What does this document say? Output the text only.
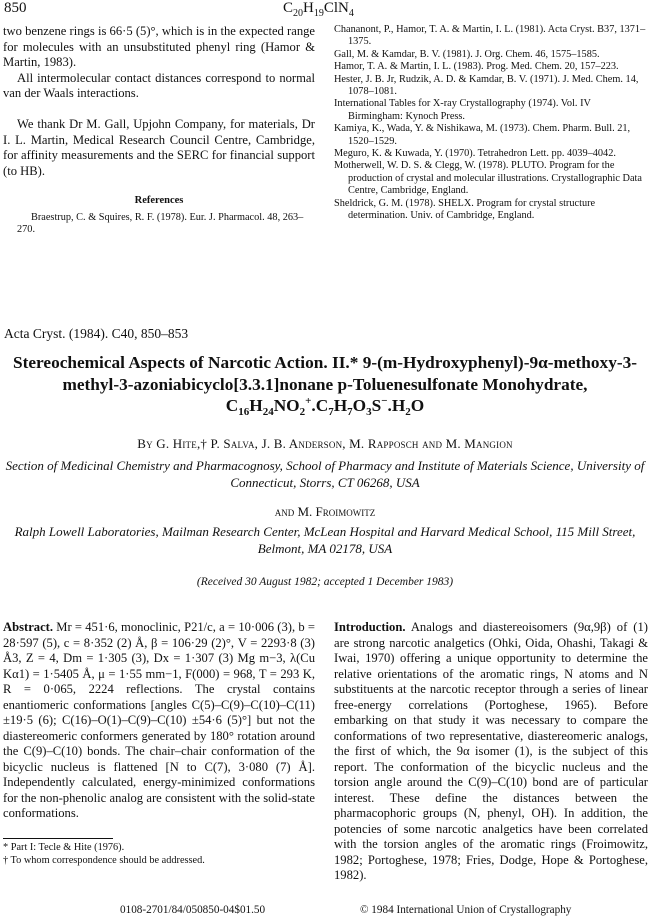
850	$C_{20}H_{19}ClN_4$

two benzene rings is 66·5 (5)°, which is in the expected range for molecules with an unsubstituted phenyl ring (Hamor & Martin, 1983).

All intermolecular contact distances correspond to normal van der Waals interactions.

We thank Dr M. Gall, Upjohn Company, for materials, Dr I. L. Martin, Medical Research Council Centre, Cambridge, for affinity measurements and the SERC for financial support (to HB).

References

Braestrup, C. & Squires, R. F. (1978). Eur. J. Pharmacol. 48, 263–270.

Chananont, P., Hamor, T. A. & Martin, I. L. (1981). Acta Cryst. B37, 1371–1375.

Gall, M. & Kamdar, B. V. (1981). J. Org. Chem. 46, 1575–1585.

Hamor, T. A. & Martin, I. L. (1983). Prog. Med. Chem. 20, 157–223.

Hester, J. B. Jr, Rudzik, A. D. & Kamdar, B. V. (1971). J. Med. Chem. 14, 1078–1081.

International Tables for X-ray Crystallography (1974). Vol. IV Birmingham: Kynoch Press.

Kamiya, K., Wada, Y. & Nishikawa, M. (1973). Chem. Pharm. Bull. 21, 1520–1529.

Meguro, K. & Kuwada, Y. (1970). Tetrahedron Lett. pp. 4039–4042.

Motherwell, W. D. S. & Clegg, W. (1978). PLUTO. Program for the production of crystal and molecular illustrations. Crystallographic Data Centre, Cambridge, England.

Sheldrick, G. M. (1978). SHELX. Program for crystal structure determination. Univ. of Cambridge, England.

Acta Cryst. (1984). C40, 850–853
Stereochemical Aspects of Narcotic Action. II.* 9-(m-Hydroxyphenyl)-9α-methoxy-3-methyl-3-azoniabicyclo[3.3.1]nonane p-Toluenesulfonate Monohydrate,
$C_{16}H_{24}NO_2^+.C_7H_7O_3S^-.H_2O$
By G. Hite,† P. Salva, J. B. Anderson, M. Rapposch and M. Mangion
Section of Medicinal Chemistry and Pharmacognosy, School of Pharmacy and Institute of Materials Science, University of Connecticut, Storrs, CT 06268, USA
and M. Froimowitz
Ralph Lowell Laboratories, Mailman Research Center, McLean Hospital and Harvard Medical School, 115 Mill Street, Belmont, MA 02178, USA
(Received 30 August 1982; accepted 1 December 1983)
Abstract. Mr = 451·6, monoclinic, P21/c, a = 10·006 (3), b = 28·597 (5), c = 8·352 (2) Å, β = 106·29 (2)°, V = 2293·8 (3) Å3, Z = 4, Dm = 1·305 (3), Dx = 1·307 (3) Mg m−3, λ(Cu Kα1) = 1·5405 Å, μ = 1·55 mm−1, F(000) = 968, T = 293 K, R = 0·065, 2224 reflections. The crystal contains enantiomeric conformations [angles C(5)–C(9)–C(10)–C(11) ±19·5 (6); C(16)–O(1)–C(9)–C(10) ±54·6 (5)°] but not the diastereomeric conformers generated by 180° rotation around the C(9)–C(10) bonds. The chair–chair conformation of the bicyclic nucleus is flattened [N to C(7), 3·080 (7) Å]. Independently calculated, energy-minimized conformations for the non-phenolic analog are consistent with the solid-state conformations.
Introduction. Analogs and diastereoisomers (9α,9β) of (1) are strong narcotic analgetics (Ohki, Oida, Ohashi, Takagi & Iwai, 1970) offering a unique opportunity to determine the relative orientations of the aromatic rings, N atoms and N substituents at the narcotic receptor through a series of linear free-energy correlations (Portoghese, 1965). Before embarking on that study it was necessary to compare the conformations of two representative, diastereomeric analogs, the first of which, the 9α isomer (1), is the subject of this report. The conformation of the bicyclic nucleus and the torsion angle around the C(9)–C(10) bond are of particular interest. These define the distances between the pharmacophoric groups (N, phenyl, OH). In addition, the potencies of some narcotic analgetics have been correlated with the torsion angles of the aromatic rings (Froimowitz, 1982; Portoghese, 1978; Fries, Dodge, Hope & Portoghese, 1982).
* Part I: Tecle & Hite (1976).
† To whom correspondence should be addressed.
0108-2701/84/050850-04$01.50	© 1984 International Union of Crystallography
